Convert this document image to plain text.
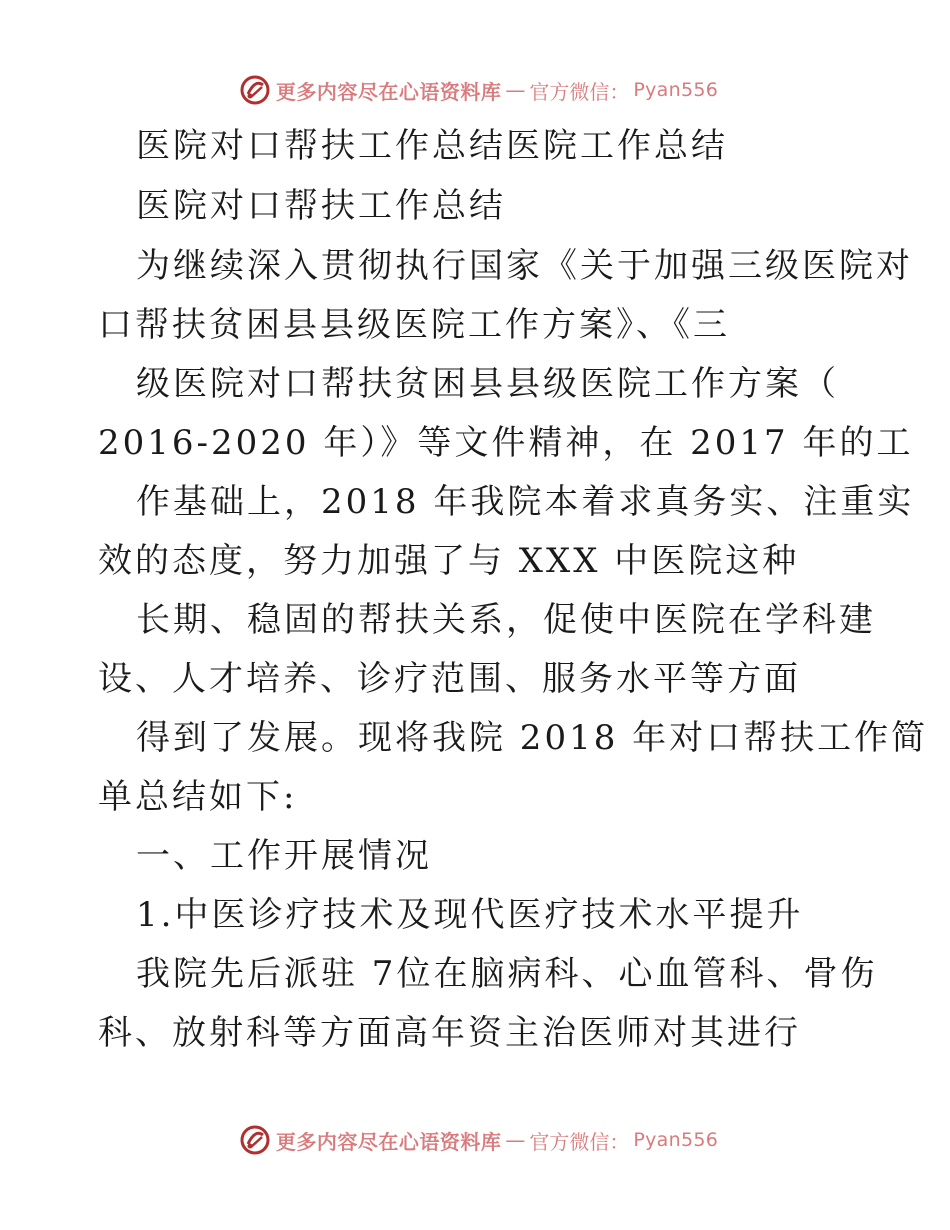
更多内容尽在心语资料库 — 官方微信： Pyan556
医院对口帮扶工作总结医院工作总结
医院对口帮扶工作总结
为继续深入贯彻执行国家《关于加强三级医院对
口帮扶贫困县县级医院工作方案》、《三
级医院对口帮扶贫困县县级医院工作方案（
2016-2020 年）》等文件精神，在 2017 年的工
作基础上，2018 年我院本着求真务实、注重实
效的态度，努力加强了与 XXX 中医院这种
长期、稳固的帮扶关系，促使中医院在学科建
设、人才培养、诊疗范围、服务水平等方面
得到了发展。现将我院 2018 年对口帮扶工作简
单总结如下:
一、工作开展情况
1.中医诊疗技术及现代医疗技术水平提升
我院先后派驻 7位在脑病科、心血管科、骨伤
科、放射科等方面高年资主治医师对其进行
更多内容尽在心语资料库 — 官方微信： Pyan556
